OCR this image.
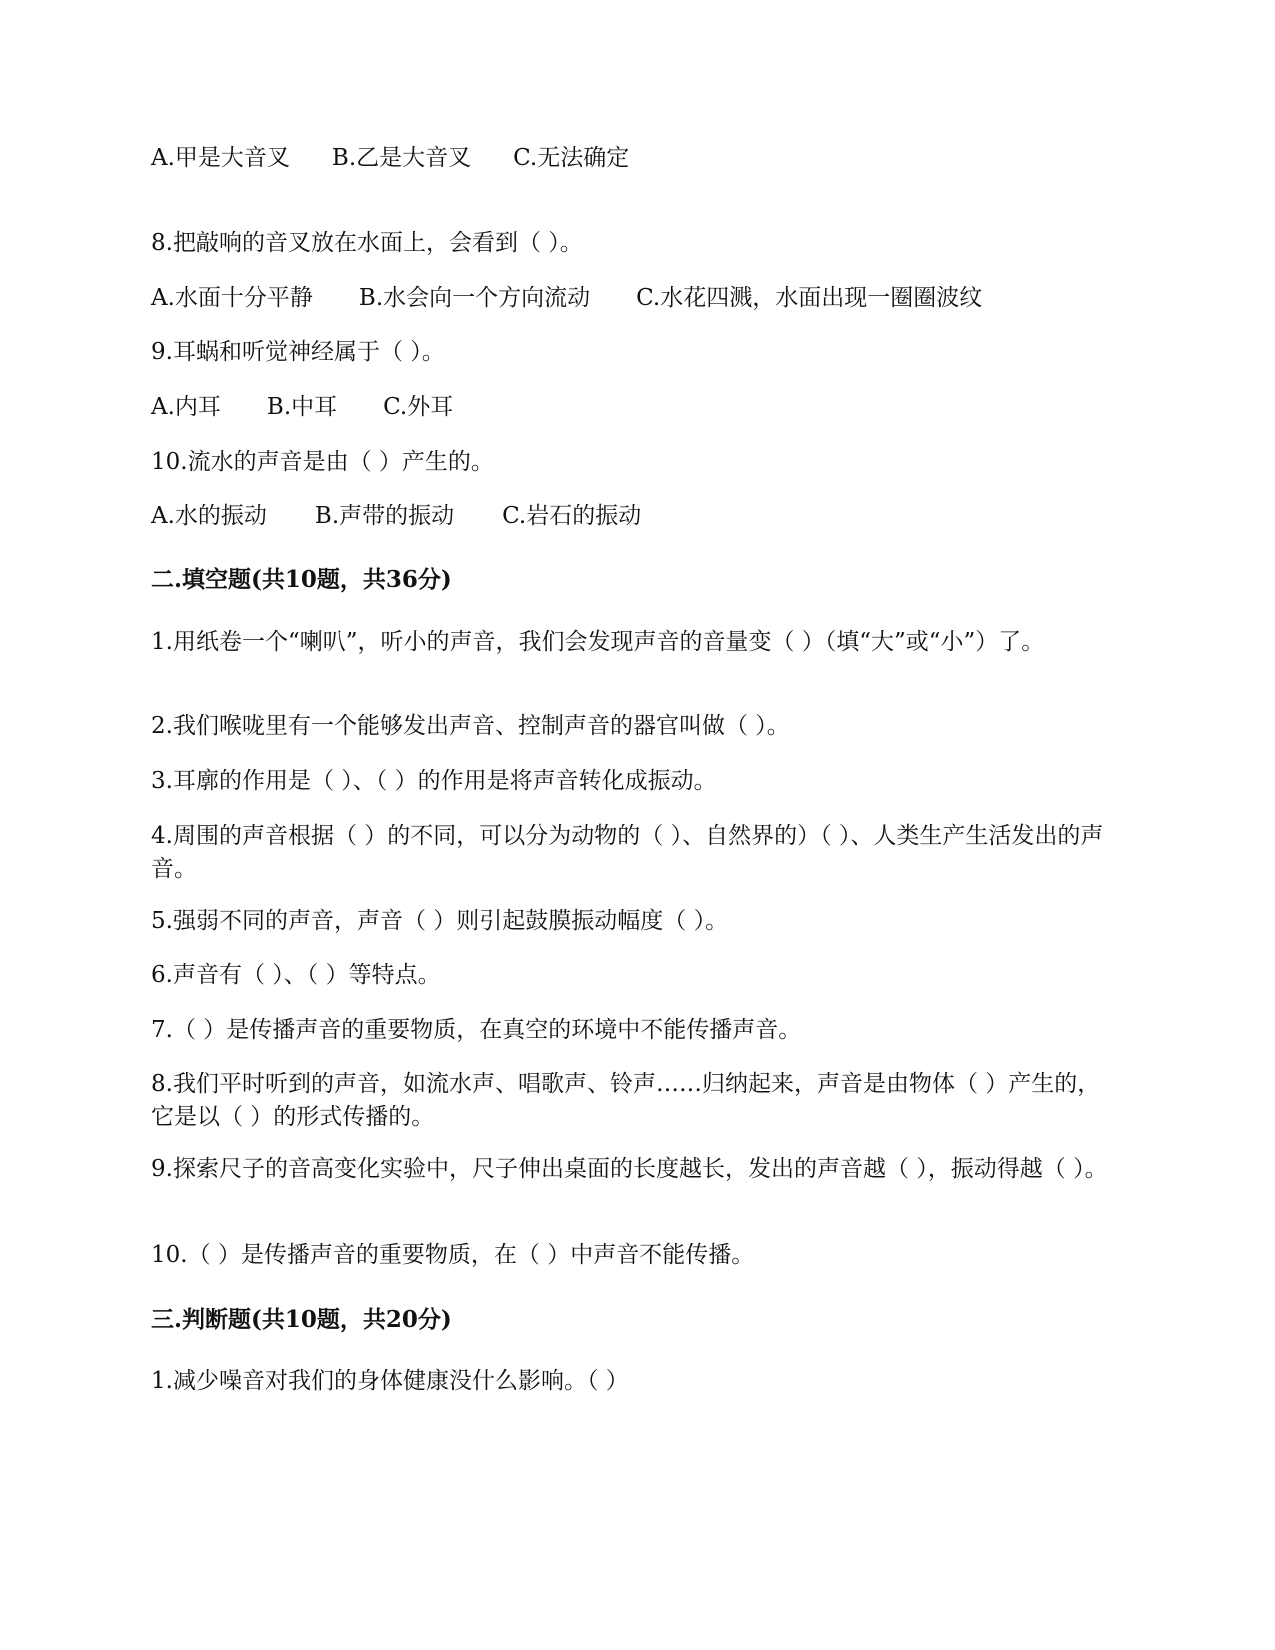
A.甲是大音叉 B.乙是大音叉 C.无法确定
8.把敲响的音叉放在水面上，会看到（ ）。
A.水面十分平静 B.水会向一个方向流动 C.水花四溅，水面出现一圈圈波纹
9.耳蜗和听觉神经属于（ ）。
A.内耳 B.中耳 C.外耳
10.流水的声音是由（ ）产生的。
A.水的振动 B.声带的振动 C.岩石的振动
二.填空题(共10题，共36分)
1.用纸卷一个“喇叭”，听小的声音，我们会发现声音的音量变（ ）（填“大”或“小”）了。
2.我们喉咙里有一个能够发出声音、控制声音的器官叫做（ ）。
3.耳廓的作用是（ ）、（ ）的作用是将声音转化成振动。
4.周围的声音根据（ ）的不同，可以分为动物的（ ）、自然界的）（ ）、人类生产生活发出的声音。
5.强弱不同的声音，声音（ ）则引起鼓膜振动幅度（ ）。
6.声音有（ ）、（ ）等特点。
7.（ ）是传播声音的重要物质，在真空的环境中不能传播声音。
8.我们平时听到的声音，如流水声、唱歌声、铃声……归纳起来，声音是由物体（ ）产生的，它是以（ ）的形式传播的。
9.探索尺子的音高变化实验中，尺子伸出桌面的长度越长，发出的声音越（ ），振动得越（ ）。
10.（ ）是传播声音的重要物质，在（ ）中声音不能传播。
三.判断题(共10题，共20分)
1.减少噪音对我们的身体健康没什么影响。（ ）
